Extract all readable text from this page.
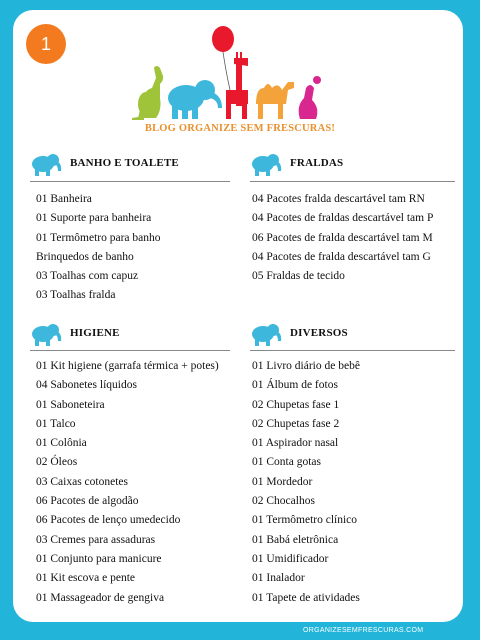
1
BLOG ORGANIZE SEM FRESCURAS!
BANHO E TOALETE
01 Banheira
01 Suporte para banheira
01 Termômetro para banho
Brinquedos de banho
03 Toalhas com capuz
03 Toalhas fralda
FRALDAS
04 Pacotes fralda descartável tam RN
04 Pacotes de fraldas descartável tam P
06 Pacotes de fralda descartável tam M
04 Pacotes de fralda descartável tam G
05 Fraldas de tecido
HIGIENE
01 Kit higiene (garrafa térmica + potes)
04 Sabonetes líquidos
01 Saboneteira
01 Talco
01 Colônia
02 Óleos
03 Caixas cotonetes
06 Pacotes de algodão
06 Pacotes de lenço umedecido
03 Cremes para assaduras
01 Conjunto para manicure
01 Kit escova e pente
01 Massageador de gengiva
DIVERSOS
01 Livro diário de bebê
01 Álbum de fotos
02 Chupetas fase 1
02 Chupetas fase 2
01 Aspirador nasal
01 Conta gotas
01 Mordedor
02 Chocalhos
01 Termômetro clínico
01 Babá eletrônica
01 Umidificador
01 Inalador
01 Tapete de atividades
ORGANIZESEMFRESCURAS.COM
